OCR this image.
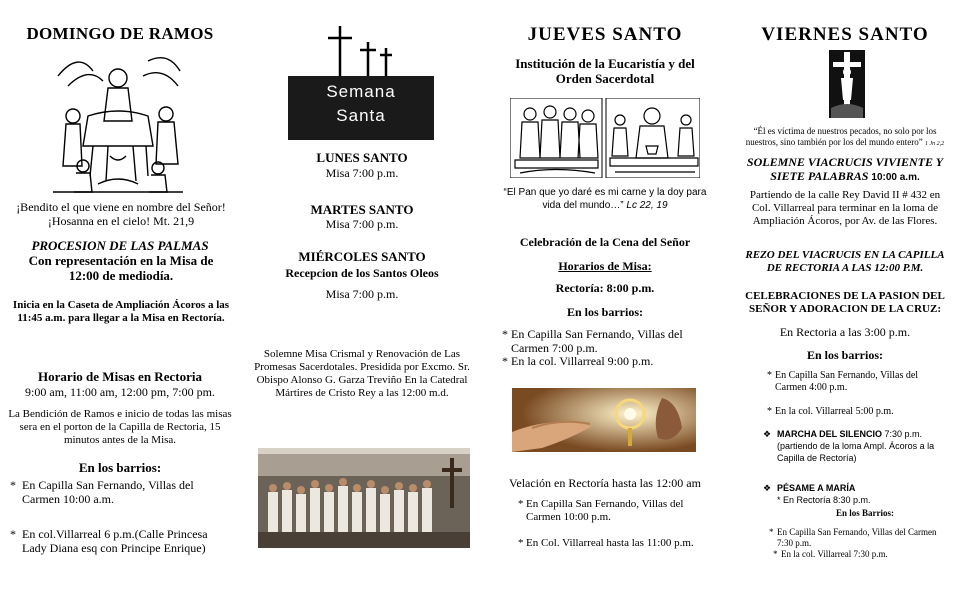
DOMINGO DE RAMOS
¡Bendito el que viene en nombre del Señor!
¡Hosanna en el cielo! Mt. 21,9
PROCESION DE LAS PALMAS
Con representación en la Misa de 12:00 de mediodía.
Inicia en la Caseta de Ampliación Ácoros a las 11:45 a.m. para llegar a la Misa en Rectoría.
Horario de Misas en Rectoria
9:00 am, 11:00 am, 12:00 pm, 7:00 pm.
La Bendición de Ramos e inicio de todas las misas sera en el porton de la Capilla de Rectoria, 15 minutos antes de la Misa.
En los barrios:
* En Capilla San Fernando, Villas del Carmen 10:00 a.m.
* En col.Villarreal 6 p.m.(Calle Princesa Lady Diana esq con Principe Enrique)
Semana
Santa
LUNES SANTO
Misa 7:00 p.m.
MARTES SANTO
Misa 7:00 p.m.
MIÉRCOLES SANTO
Recepcion de los Santos Oleos
Misa 7:00 p.m.
Solemne Misa Crismal y Renovación de Las Promesas Sacerdotales. Presidida por Excmo. Sr. Obispo Alonso G. Garza Treviño En la Catedral Mártires de Cristo Rey a las 12:00 m.d.
JUEVES SANTO
Institución de la Eucaristía y del Orden Sacerdotal
“El Pan que yo daré es mi carne y la doy para vida del mundo…” Lc 22, 19
Celebración de la Cena del Señor
Horarios de Misa:
Rectoría: 8:00 p.m.
En los barrios:
* En Capilla San Fernando, Villas del Carmen 7:00 p.m.
* En la col. Villarreal 9:00 p.m.
Velación en Rectoría hasta las 12:00 am
* En Capilla San Fernando, Villas del Carmen 10:00 p.m.
* En Col. Villarreal hasta las 11:00 p.m.
VIERNES SANTO
“Él es víctima de nuestros pecados, no solo por los nuestros, sino también por los del mundo entero” 1 Jn 2,2
SOLEMNE VIACRUCIS VIVIENTE Y SIETE PALABRAS 10:00 a.m.
Partiendo de la calle Rey David II # 432 en Col. Villarreal para terminar en la loma de Ampliación Ácoros, por Av. de las Flores.
REZO DEL VIACRUCIS EN LA CAPILLA DE RECTORIA A LAS 12:00 P.M.
CELEBRACIONES DE LA PASION DEL SEÑOR Y ADORACION DE LA CRUZ:
En Rectoria a las 3:00 p.m.
En los barrios:
* En Capilla San Fernando, Villas del Carmen 4:00 p.m.
* En la col. Villarreal 5:00 p.m.
❖ MARCHA DEL SILENCIO 7:30 p.m.
(partiendo de la loma Ampl. Ácoros a la Capilla de Rectoría)
❖ PÉSAME A MARÍA
* En Rectoría 8:30 p.m.
En los Barrios:
* En Capilla San Fernando, Villas del Carmen 7:30 p.m.
* En la col. Villarreal 7:30 p.m.
